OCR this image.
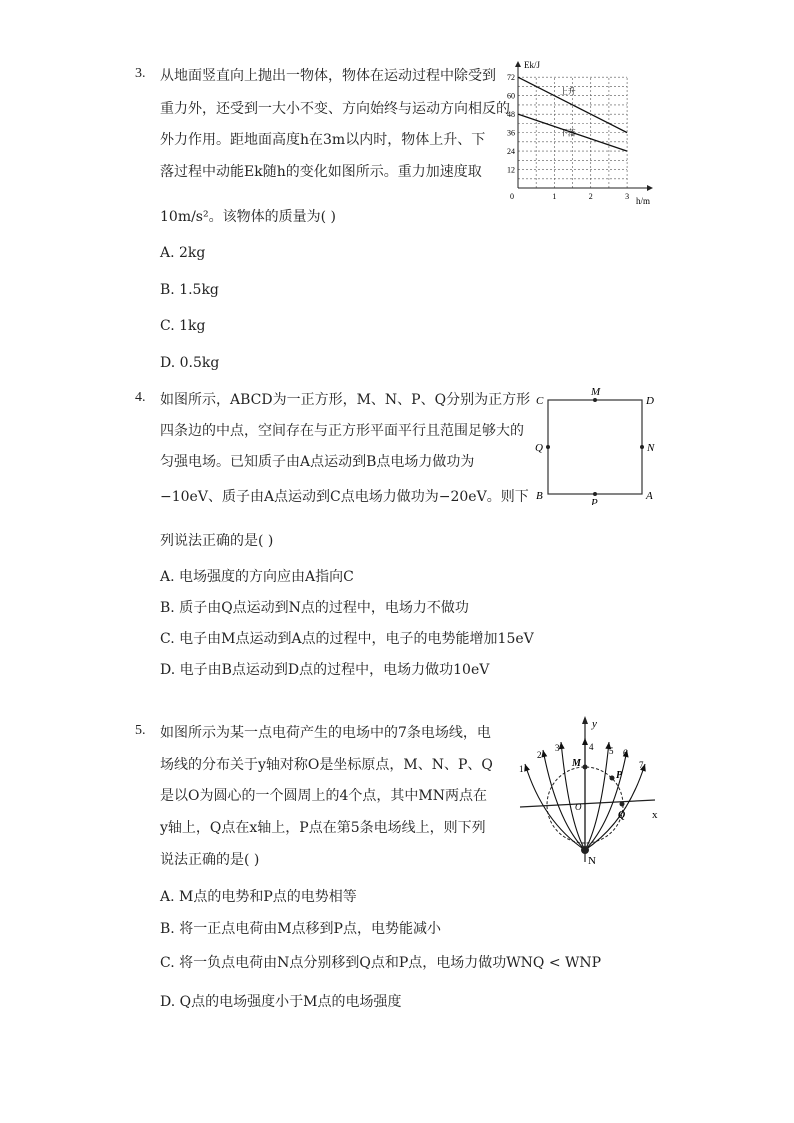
3. 从地面竖直向上抛出一物体，物体在运动过程中除受到
重力外，还受到一大小不变、方向始终与运动方向相反的
外力作用。距地面高度h在3m以内时，物体上升、下
落过程中动能Ek随h的变化如图所示。重力加速度取
10m/s²。该物体的质量为( )
A. 2kg
B. 1.5kg
C. 1kg
D. 0.5kg
12
24
36
48
60
72
0	1	2	3
Ek/J
h/m
上升
下落
4. 如图所示，ABCD为一正方形，M、N、P、Q分别为正方形
四条边的中点，空间存在与正方形平面平行且范围足够大的
匀强电场。已知质子由A点运动到B点电场力做功为
−10eV、质子由A点运动到C点电场力做功为−20eV。则下
列说法正确的是( )
A. 电场强度的方向应由A指向C
B. 质子由Q点运动到N点的过程中，电场力不做功
C. 电子由M点运动到A点的过程中，电子的电势能增加15eV
D. 电子由B点运动到D点的过程中，电场力做功10eV
C
M
D
Q	N
B
P
A
5. 如图所示为某一点电荷产生的电场中的7条电场线，电
场线的分布关于y轴对称O是坐标原点，M、N、P、Q
是以O为圆心的一个圆周上的4个点，其中MN两点在
y轴上，Q点在x轴上，P点在第5条电场线上，则下列
说法正确的是( )
A. M点的电势和P点的电势相等
B. 将一正点电荷由M点移到P点，电势能减小
C. 将一负点电荷由N点分别移到Q点和P点，电场力做功WNQ < WNP
D. Q点的电场强度小于M点的电场强度
y
x
1
2
3	4 5 6
7
M
P
Q
O
N
